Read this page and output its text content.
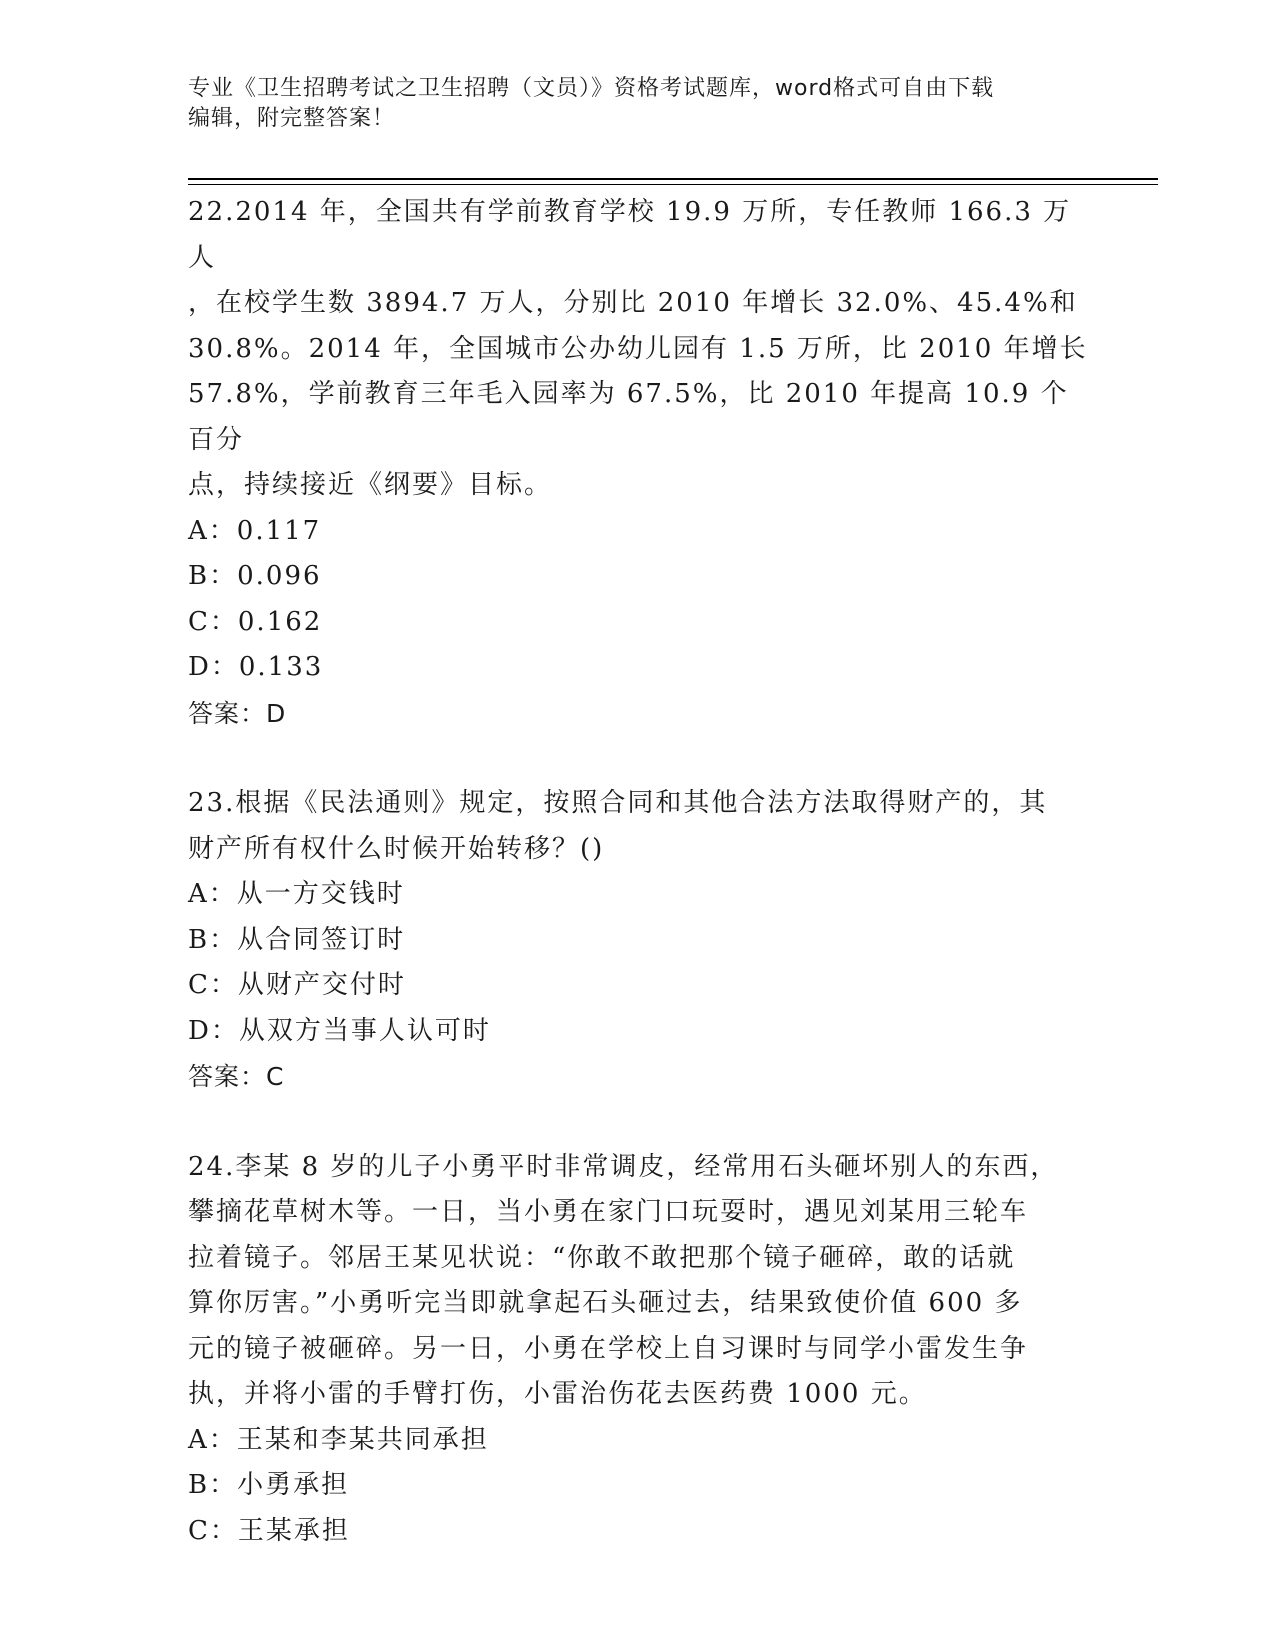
专业《卫生招聘考试之卫生招聘（文员）》资格考试题库，word格式可自由下载
编辑，附完整答案！
22.2014 年，全国共有学前教育学校 19.9 万所，专任教师 166.3 万人
，在校学生数 3894.7 万人，分别比 2010 年增长 32.0%、45.4%和
30.8%。2014 年，全国城市公办幼儿园有 1.5 万所，比 2010 年增长
57.8%，学前教育三年毛入园率为 67.5%，比 2010 年提高 10.9 个百分
点，持续接近《纲要》目标。
A：0.117
B：0.096
C：0.162
D：0.133
答案：D
23.根据《民法通则》规定，按照合同和其他合法方法取得财产的，其
财产所有权什么时候开始转移？()
A：从一方交钱时
B：从合同签订时
C：从财产交付时
D：从双方当事人认可时
答案：C
24.李某 8 岁的儿子小勇平时非常调皮，经常用石头砸坏别人的东西，
攀摘花草树木等。一日，当小勇在家门口玩耍时，遇见刘某用三轮车
拉着镜子。邻居王某见状说：“你敢不敢把那个镜子砸碎，敢的话就
算你厉害。”小勇听完当即就拿起石头砸过去，结果致使价值 600 多
元的镜子被砸碎。另一日，小勇在学校上自习课时与同学小雷发生争
执，并将小雷的手臂打伤，小雷治伤花去医药费 1000 元。
A：王某和李某共同承担
B：小勇承担
C：王某承担
